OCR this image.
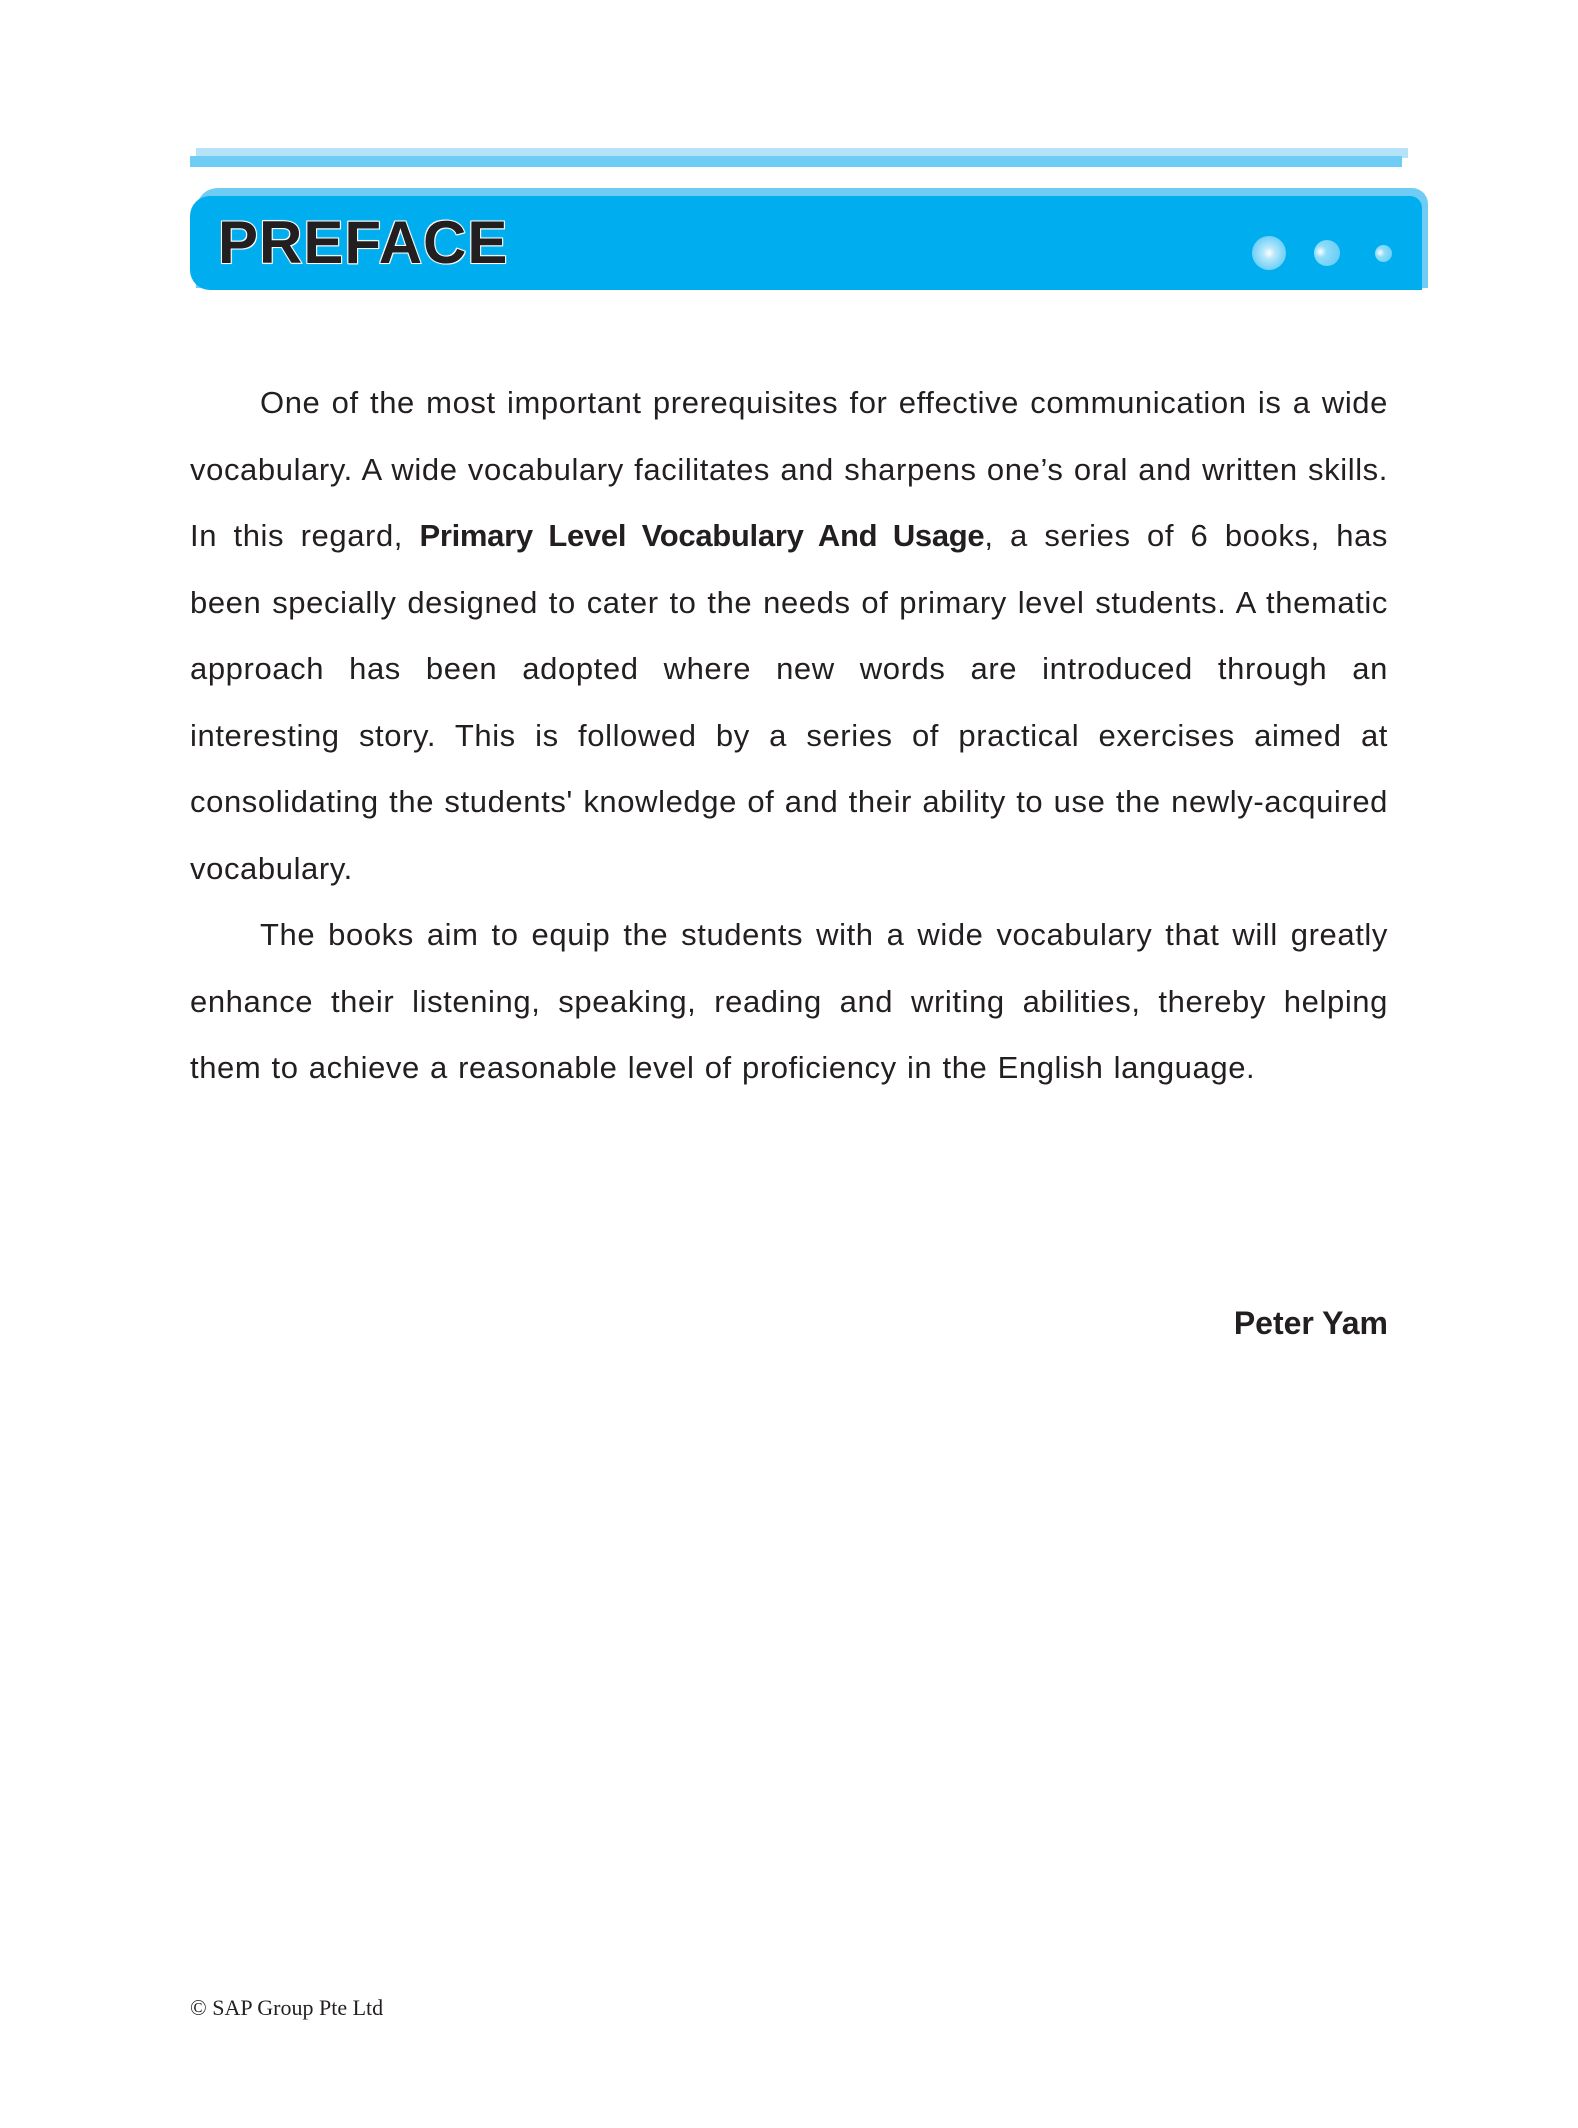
PREFACE

One of the most important prerequisites for effective communication is a wide vocabulary. A wide vocabulary facilitates and sharpens one’s oral and written skills. In this regard, Primary Level Vocabulary And Usage, a series of 6 books, has been specially designed to cater to the needs of primary level students. A thematic approach has been adopted where new words are introduced through an interesting story. This is followed by a series of practical exercises aimed at consolidating the students' knowledge of and their ability to use the newly-acquired vocabulary.

The books aim to equip the students with a wide vocabulary that will greatly enhance their listening, speaking, reading and writing abilities, thereby helping them to achieve a reasonable level of proficiency in the English language.

Peter Yam
© SAP Group Pte Ltd
